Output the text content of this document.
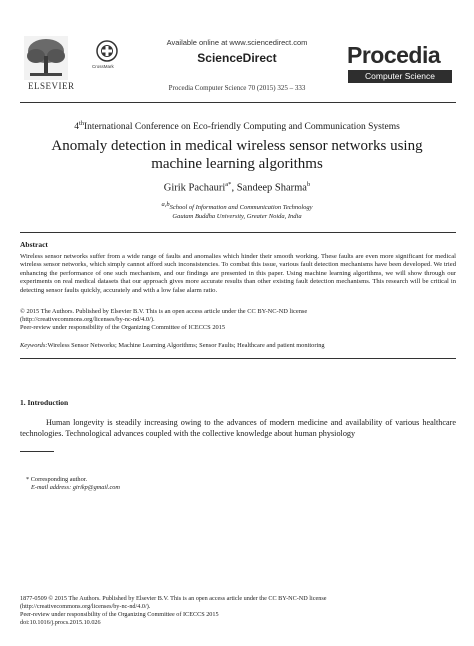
ELSEVIER
CrossMark
Available online at www.sciencedirect.com
ScienceDirect
Procedia Computer Science 70 (2015) 325 – 333
Procedia
Computer Science
4thInternational Conference on Eco-friendly Computing and Communication Systems
Anomaly detection in medical wireless sensor networks using
machine learning algorithms
Girik Pachauri$^{a*}$, Sandeep Sharma$^b$
a,bSchool of Information and Communication Technology
Gautam Buddha University, Greater Noida, India
Abstract
Wireless sensor networks suffer from a wide range of faults and anomalies which hinder their smooth working. These faults are even more significant for medical wireless sensor networks, which simply cannot afford such inconsistencies. To combat this issue, various fault detection mechanisms have been developed. We tried enhancing the performance of one such mechanism, and our findings are presented in this paper. Using machine learning algorithms, we will show through our experiments on real medical datasets that our approach gives more accurate results than other existing fault detection mechanisms. This research will be critical in detecting sensor faults quickly, accurately and with a low false alarm ratio.
© 2015 The Authors. Published by Elsevier B.V. This is an open access article under the CC BY-NC-ND license
(http://creativecommons.org/licenses/by-nc-nd/4.0/).
Peer-review under responsibility of the Organizing Committee of ICECCS 2015
Keywords:Wireless Sensor Networks; Machine Learning Algorithms; Sensor Faults; Healthcare and patient monitoring
1. Introduction
Human longevity is steadily increasing owing to the advances of modern medicine and availability of various healthcare technologies. Technological advances coupled with the collective knowledge about human physiology
* Corresponding author.
E-mail address: girikp@gmail.com
1877-0509 © 2015 The Authors. Published by Elsevier B.V. This is an open access article under the CC BY-NC-ND license
(http://creativecommons.org/licenses/by-nc-nd/4.0/).
Peer-review under responsibility of the Organizing Committee of ICECCS 2015
doi:10.1016/j.procs.2015.10.026
